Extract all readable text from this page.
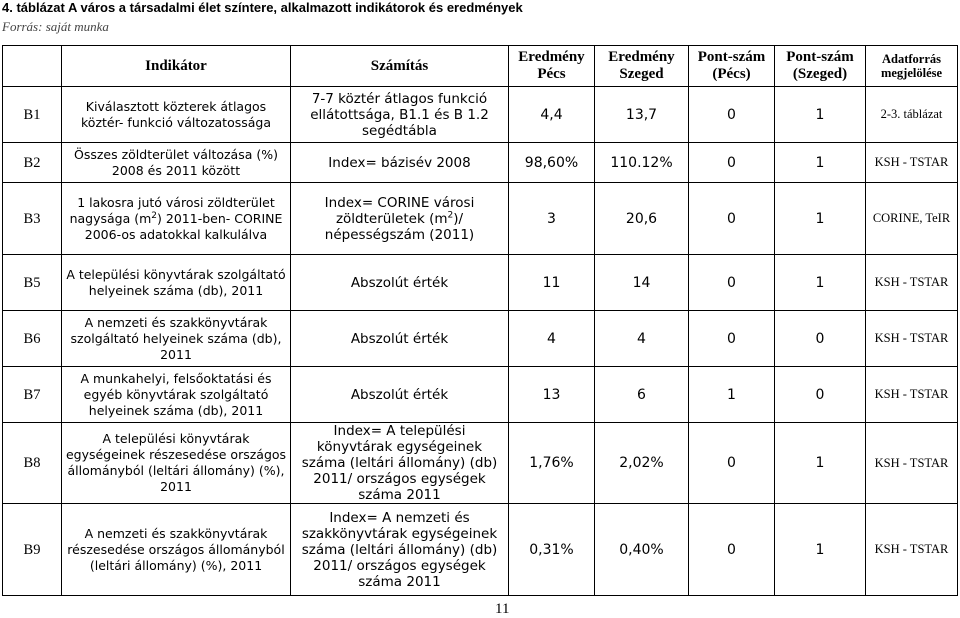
4. táblázat A város a társadalmi élet színtere, alkalmazott indikátorok és eredmények
Forrás: saját munka
	Indikátor	Számítás	Eredmény Pécs	Eredmény Szeged	Pont-szám (Pécs)	Pont-szám (Szeged)	Adatforrás megjelölése
B1	Kiválasztott közterek átlagos köztér- funkció változatossága	7-7 köztér átlagos funkció ellátottsága, B1.1 és B 1.2 segédtábla	4,4	13,7	0	1	2-3. táblázat
B2	Összes zöldterület változása (%) 2008 és 2011 között	Index= bázisév 2008	98,60%	110.12%	0	1	KSH - TSTAR
B3	1 lakosra jutó városi zöldterület nagysága $(m^2)$ 2011-ben- CORINE 2006-os adatokkal kalkulálva	Index= CORINE városi zöldterületek $(m^2)/$ népességszám (2011)	3	20,6	0	1	CORINE, TeIR
B5	A települési könyvtárak szolgáltató helyeinek száma (db), 2011	Abszolút érték	11	14	0	1	KSH - TSTAR
B6	A nemzeti és szakkönyvtárak szolgáltató helyeinek száma (db), 2011	Abszolút érték	4	4	0	0	KSH - TSTAR
B7	A munkahelyi, felsőoktatási és egyéb könyvtárak szolgáltató helyeinek száma (db), 2011	Abszolút érték	13	6	1	0	KSH - TSTAR
B8	A települési könyvtárak egységeinek részesedése országos állományból (leltári állomány) (%), 2011	Index= A települési könyvtárak egységeinek száma (leltári állomány) (db) 2011/ országos egységek száma 2011	1,76%	2,02%	0	1	KSH - TSTAR
B9	A nemzeti és szakkönyvtárak részesedése országos állományból (leltári állomány) (%), 2011	Index= A nemzeti és szakkönyvtárak egységeinek száma (leltári állomány) (db) 2011/ országos egységek száma 2011	0,31%	0,40%	0	1	KSH - TSTAR
11
